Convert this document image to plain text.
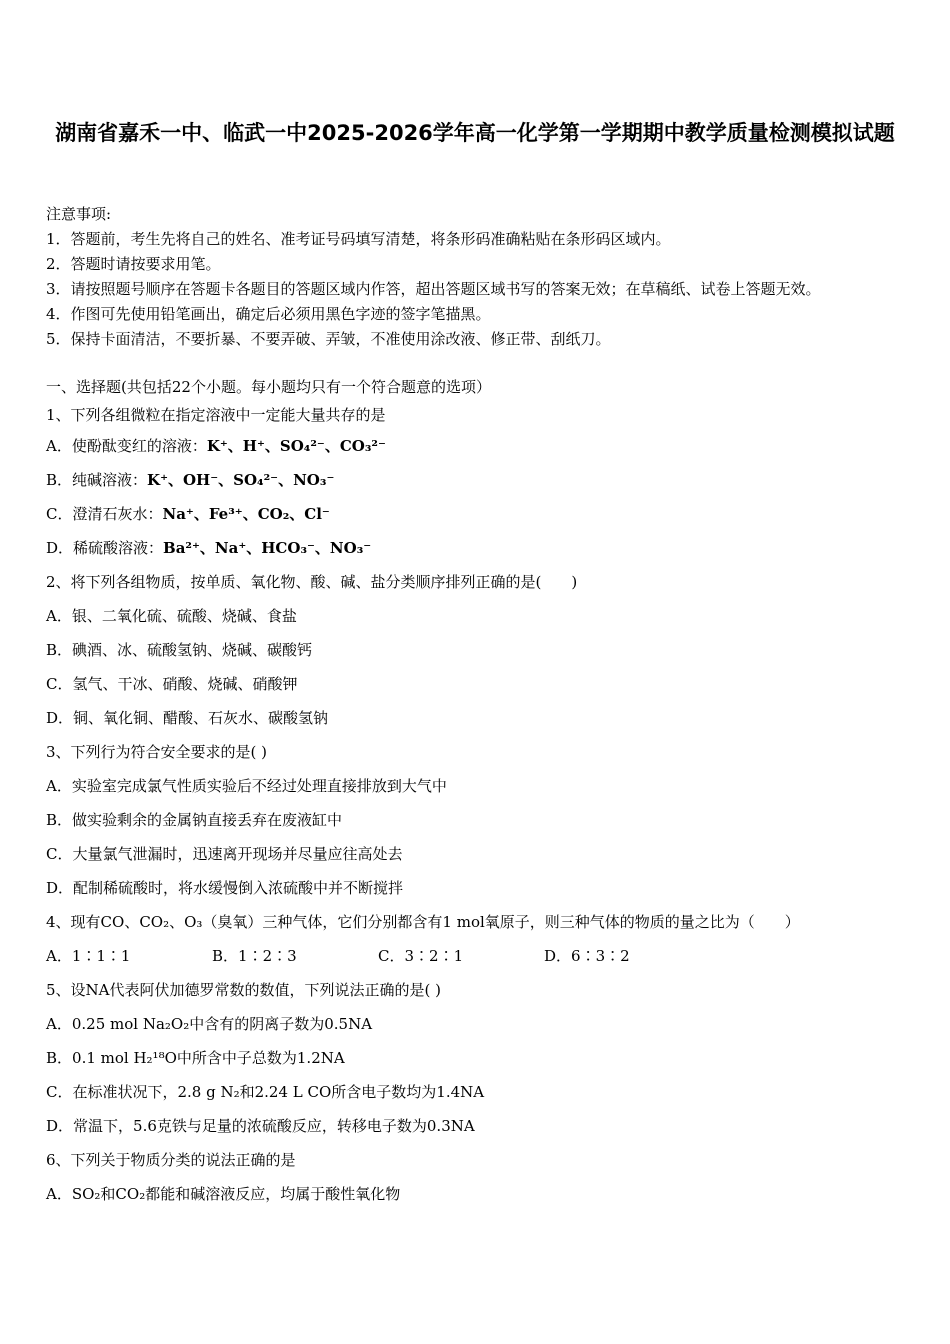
湖南省嘉禾一中、临武一中2025-2026学年高一化学第一学期期中教学质量检测模拟试题
注意事项:
1．答题前，考生先将自己的姓名、准考证号码填写清楚，将条形码准确粘贴在条形码区域内。
2．答题时请按要求用笔。
3．请按照题号顺序在答题卡各题目的答题区域内作答，超出答题区域书写的答案无效；在草稿纸、试卷上答题无效。
4．作图可先使用铅笔画出，确定后必须用黑色字迹的签字笔描黑。
5．保持卡面清洁，不要折暴、不要弄破、弄皱，不准使用涂改液、修正带、刮纸刀。
一、选择题(共包括22个小题。每小题均只有一个符合题意的选项）
1、下列各组微粒在指定溶液中一定能大量共存的是
A．使酚酞变红的溶液：K⁺、H⁺、SO₄²⁻、CO₃²⁻
B．纯碱溶液：K⁺、OH⁻、SO₄²⁻、NO₃⁻
C．澄清石灰水：Na⁺、Fe³⁺、CO₂、Cl⁻
D．稀硫酸溶液：Ba²⁺、Na⁺、HCO₃⁻、NO₃⁻
2、将下列各组物质，按单质、氧化物、酸、碱、盐分类顺序排列正确的是(　　)
A．银、二氧化硫、硫酸、烧碱、食盐
B．碘酒、冰、硫酸氢钠、烧碱、碳酸钙
C．氢气、干冰、硝酸、烧碱、硝酸钾
D．铜、氧化铜、醋酸、石灰水、碳酸氢钠
3、下列行为符合安全要求的是( )
A．实验室完成氯气性质实验后不经过处理直接排放到大气中
B．做实验剩余的金属钠直接丢弃在废液缸中
C．大量氯气泄漏时，迅速离开现场并尽量应往高处去
D．配制稀硫酸时，将水缓慢倒入浓硫酸中并不断搅拌
4、现有CO、CO₂、O₃（臭氧）三种气体，它们分别都含有1 mol氧原子，则三种气体的物质的量之比为（　　）
A．1∶1∶1	B．1∶2∶3	C．3∶2∶1	D．6∶3∶2
5、设NA代表阿伏加德罗常数的数值，下列说法正确的是( )
A．0.25 mol Na₂O₂中含有的阴离子数为0.5NA
B．0.1 mol H₂¹⁸O中所含中子总数为1.2NA
C．在标准状况下，2.8 g N₂和2.24 L CO所含电子数均为1.4NA
D．常温下，5.6克铁与足量的浓硫酸反应，转移电子数为0.3NA
6、下列关于物质分类的说法正确的是
A．SO₂和CO₂都能和碱溶液反应，均属于酸性氧化物
